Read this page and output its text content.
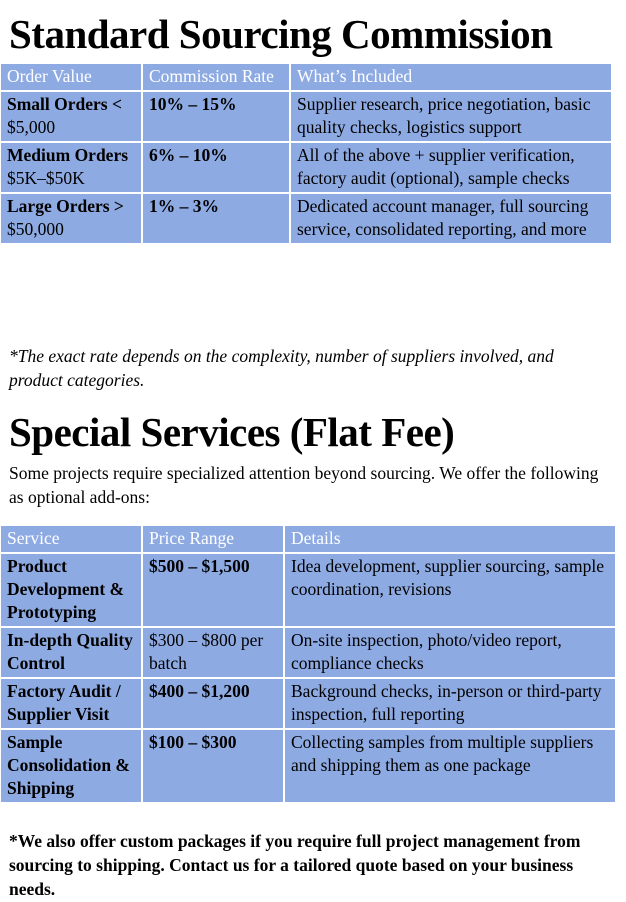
Standard Sourcing Commission
Order Value	Commission Rate	What’s Included
Small Orders <
$5,000	10% – 15%	Supplier research, price negotiation, basic quality checks, logistics support
Medium Orders
$5K–$50K	6% – 10%	All of the above + supplier verification, factory audit (optional), sample checks
Large Orders >
$50,000	1% – 3%	Dedicated account manager, full sourcing service, consolidated reporting, and more
*The exact rate depends on the complexity, number of suppliers involved, and product categories.
Special Services (Flat Fee)
Some projects require specialized attention beyond sourcing. We offer the following as optional add-ons:
Service	Price Range	Details
Product Development & Prototyping	$500 – $1,500	Idea development, supplier sourcing, sample coordination, revisions
In-depth Quality Control	$300 – $800 per batch	On-site inspection, photo/video report, compliance checks
Factory Audit / Supplier Visit	$400 – $1,200	Background checks, in-person or third-party inspection, full reporting
Sample Consolidation & Shipping	$100 – $300	Collecting samples from multiple suppliers and shipping them as one package
*We also offer custom packages if you require full project management from sourcing to shipping. Contact us for a tailored quote based on your business needs.
